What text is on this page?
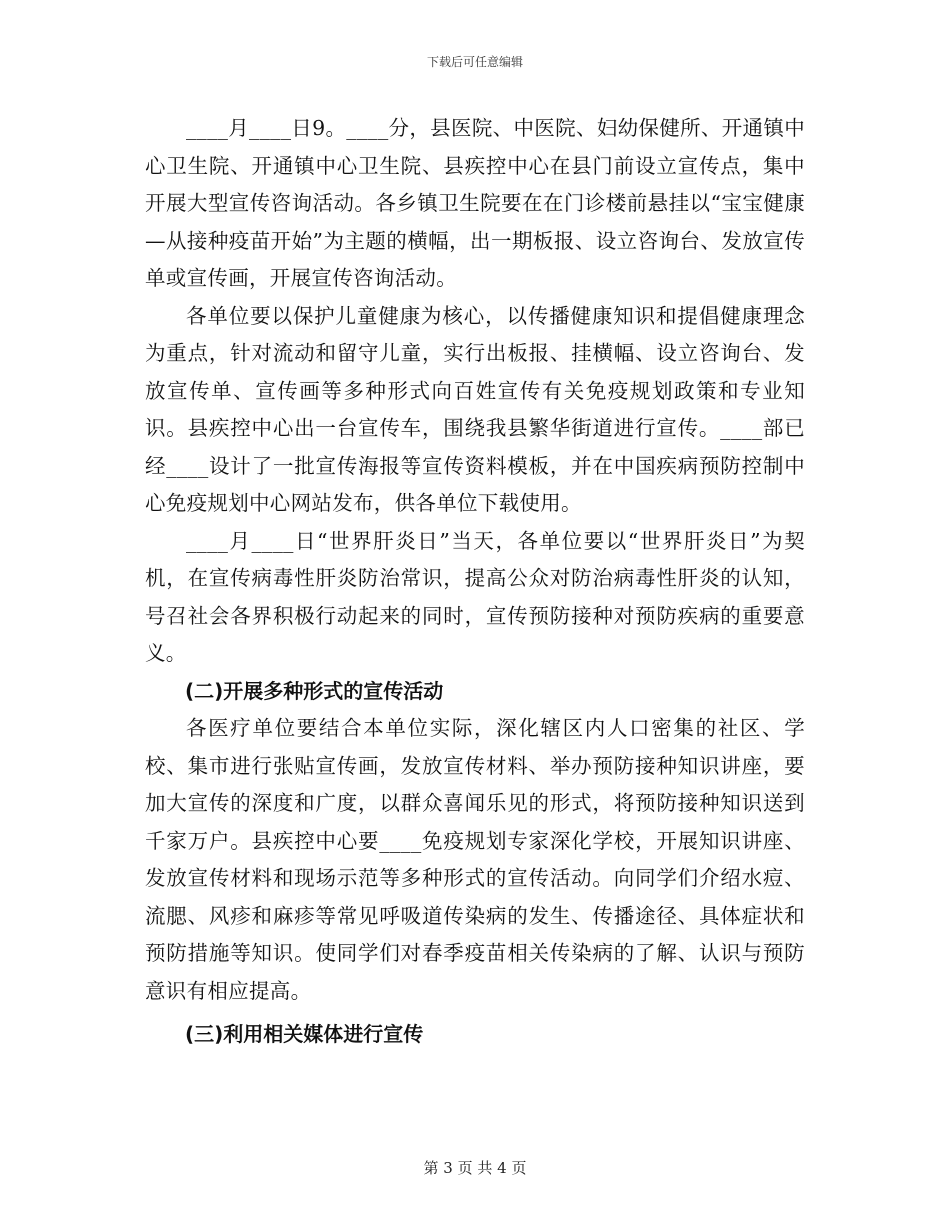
下载后可任意编辑

____月____日9。____分，县医院、中医院、妇幼保健所、开通镇中心卫生院、开通镇中心卫生院、县疾控中心在县门前设立宣传点，集中开展大型宣传咨询活动。各乡镇卫生院要在在门诊楼前悬挂以“宝宝健康—从接种疫苗开始”为主题的横幅，出一期板报、设立咨询台、发放宣传单或宣传画，开展宣传咨询活动。

各单位要以保护儿童健康为核心，以传播健康知识和提倡健康理念为重点，针对流动和留守儿童，实行出板报、挂横幅、设立咨询台、发放宣传单、宣传画等多种形式向百姓宣传有关免疫规划政策和专业知识。县疾控中心出一台宣传车，围绕我县繁华街道进行宣传。____部已经____设计了一批宣传海报等宣传资料模板，并在中国疾病预防控制中心免疫规划中心网站发布，供各单位下载使用。

____月____日“世界肝炎日”当天，各单位要以“世界肝炎日”为契机，在宣传病毒性肝炎防治常识，提高公众对防治病毒性肝炎的认知，号召社会各界积极行动起来的同时，宣传预防接种对预防疾病的重要意义。

(二)开展多种形式的宣传活动

各医疗单位要结合本单位实际，深化辖区内人口密集的社区、学校、集市进行张贴宣传画，发放宣传材料、举办预防接种知识讲座，要加大宣传的深度和广度，以群众喜闻乐见的形式，将预防接种知识送到千家万户。县疾控中心要____免疫规划专家深化学校，开展知识讲座、发放宣传材料和现场示范等多种形式的宣传活动。向同学们介绍水痘、流腮、风疹和麻疹等常见呼吸道传染病的发生、传播途径、具体症状和预防措施等知识。使同学们对春季疫苗相关传染病的了解、认识与预防意识有相应提高。

(三)利用相关媒体进行宣传

第 3 页 共 4 页
